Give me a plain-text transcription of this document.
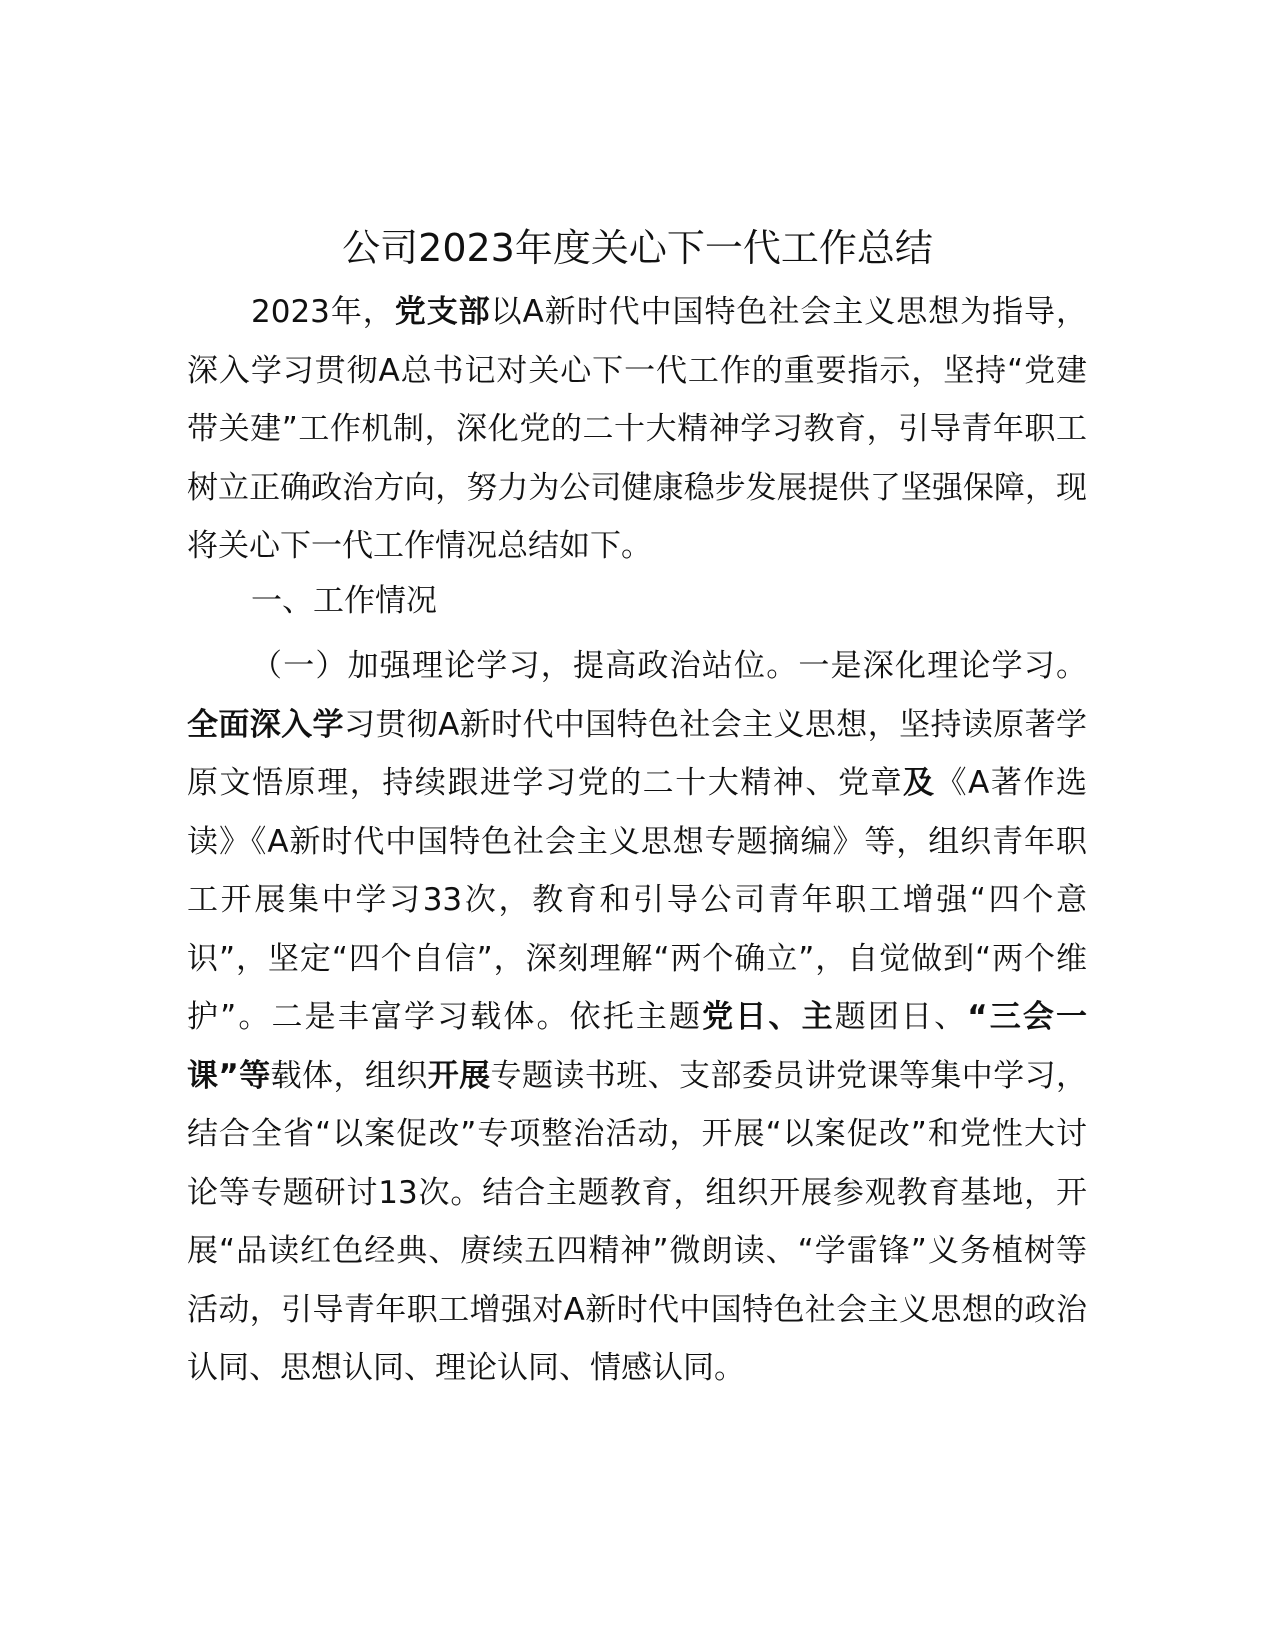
公司2023年度关心下一代工作总结

2023年，党支部以A新时代中国特色社会主义思想为指导，深入学习贯彻A总书记对关心下一代工作的重要指示，坚持“党建带关建”工作机制，深化党的二十大精神学习教育，引导青年职工树立正确政治方向，努力为公司健康稳步发展提供了坚强保障，现将关心下一代工作情况总结如下。

一、工作情况

（一）加强理论学习，提高政治站位。一是深化理论学习。全面深入学习贯彻A新时代中国特色社会主义思想，坚持读原著学原文悟原理，持续跟进学习党的二十大精神、党章及《A著作选读》《A新时代中国特色社会主义思想专题摘编》等，组织青年职工开展集中学习33次，教育和引导公司青年职工增强“四个意识”，坚定“四个自信”，深刻理解“两个确立”，自觉做到“两个维护”。二是丰富学习载体。依托主题党日、主题团日、“三会一课”等载体，组织开展专题读书班、支部委员讲党课等集中学习，结合全省“以案促改”专项整治活动，开展“以案促改”和党性大讨论等专题研讨13次。结合主题教育，组织开展参观教育基地，开展“品读红色经典、赓续五四精神”微朗读、“学雷锋”义务植树等活动，引导青年职工增强对A新时代中国特色社会主义思想的政治认同、思想认同、理论认同、情感认同。
